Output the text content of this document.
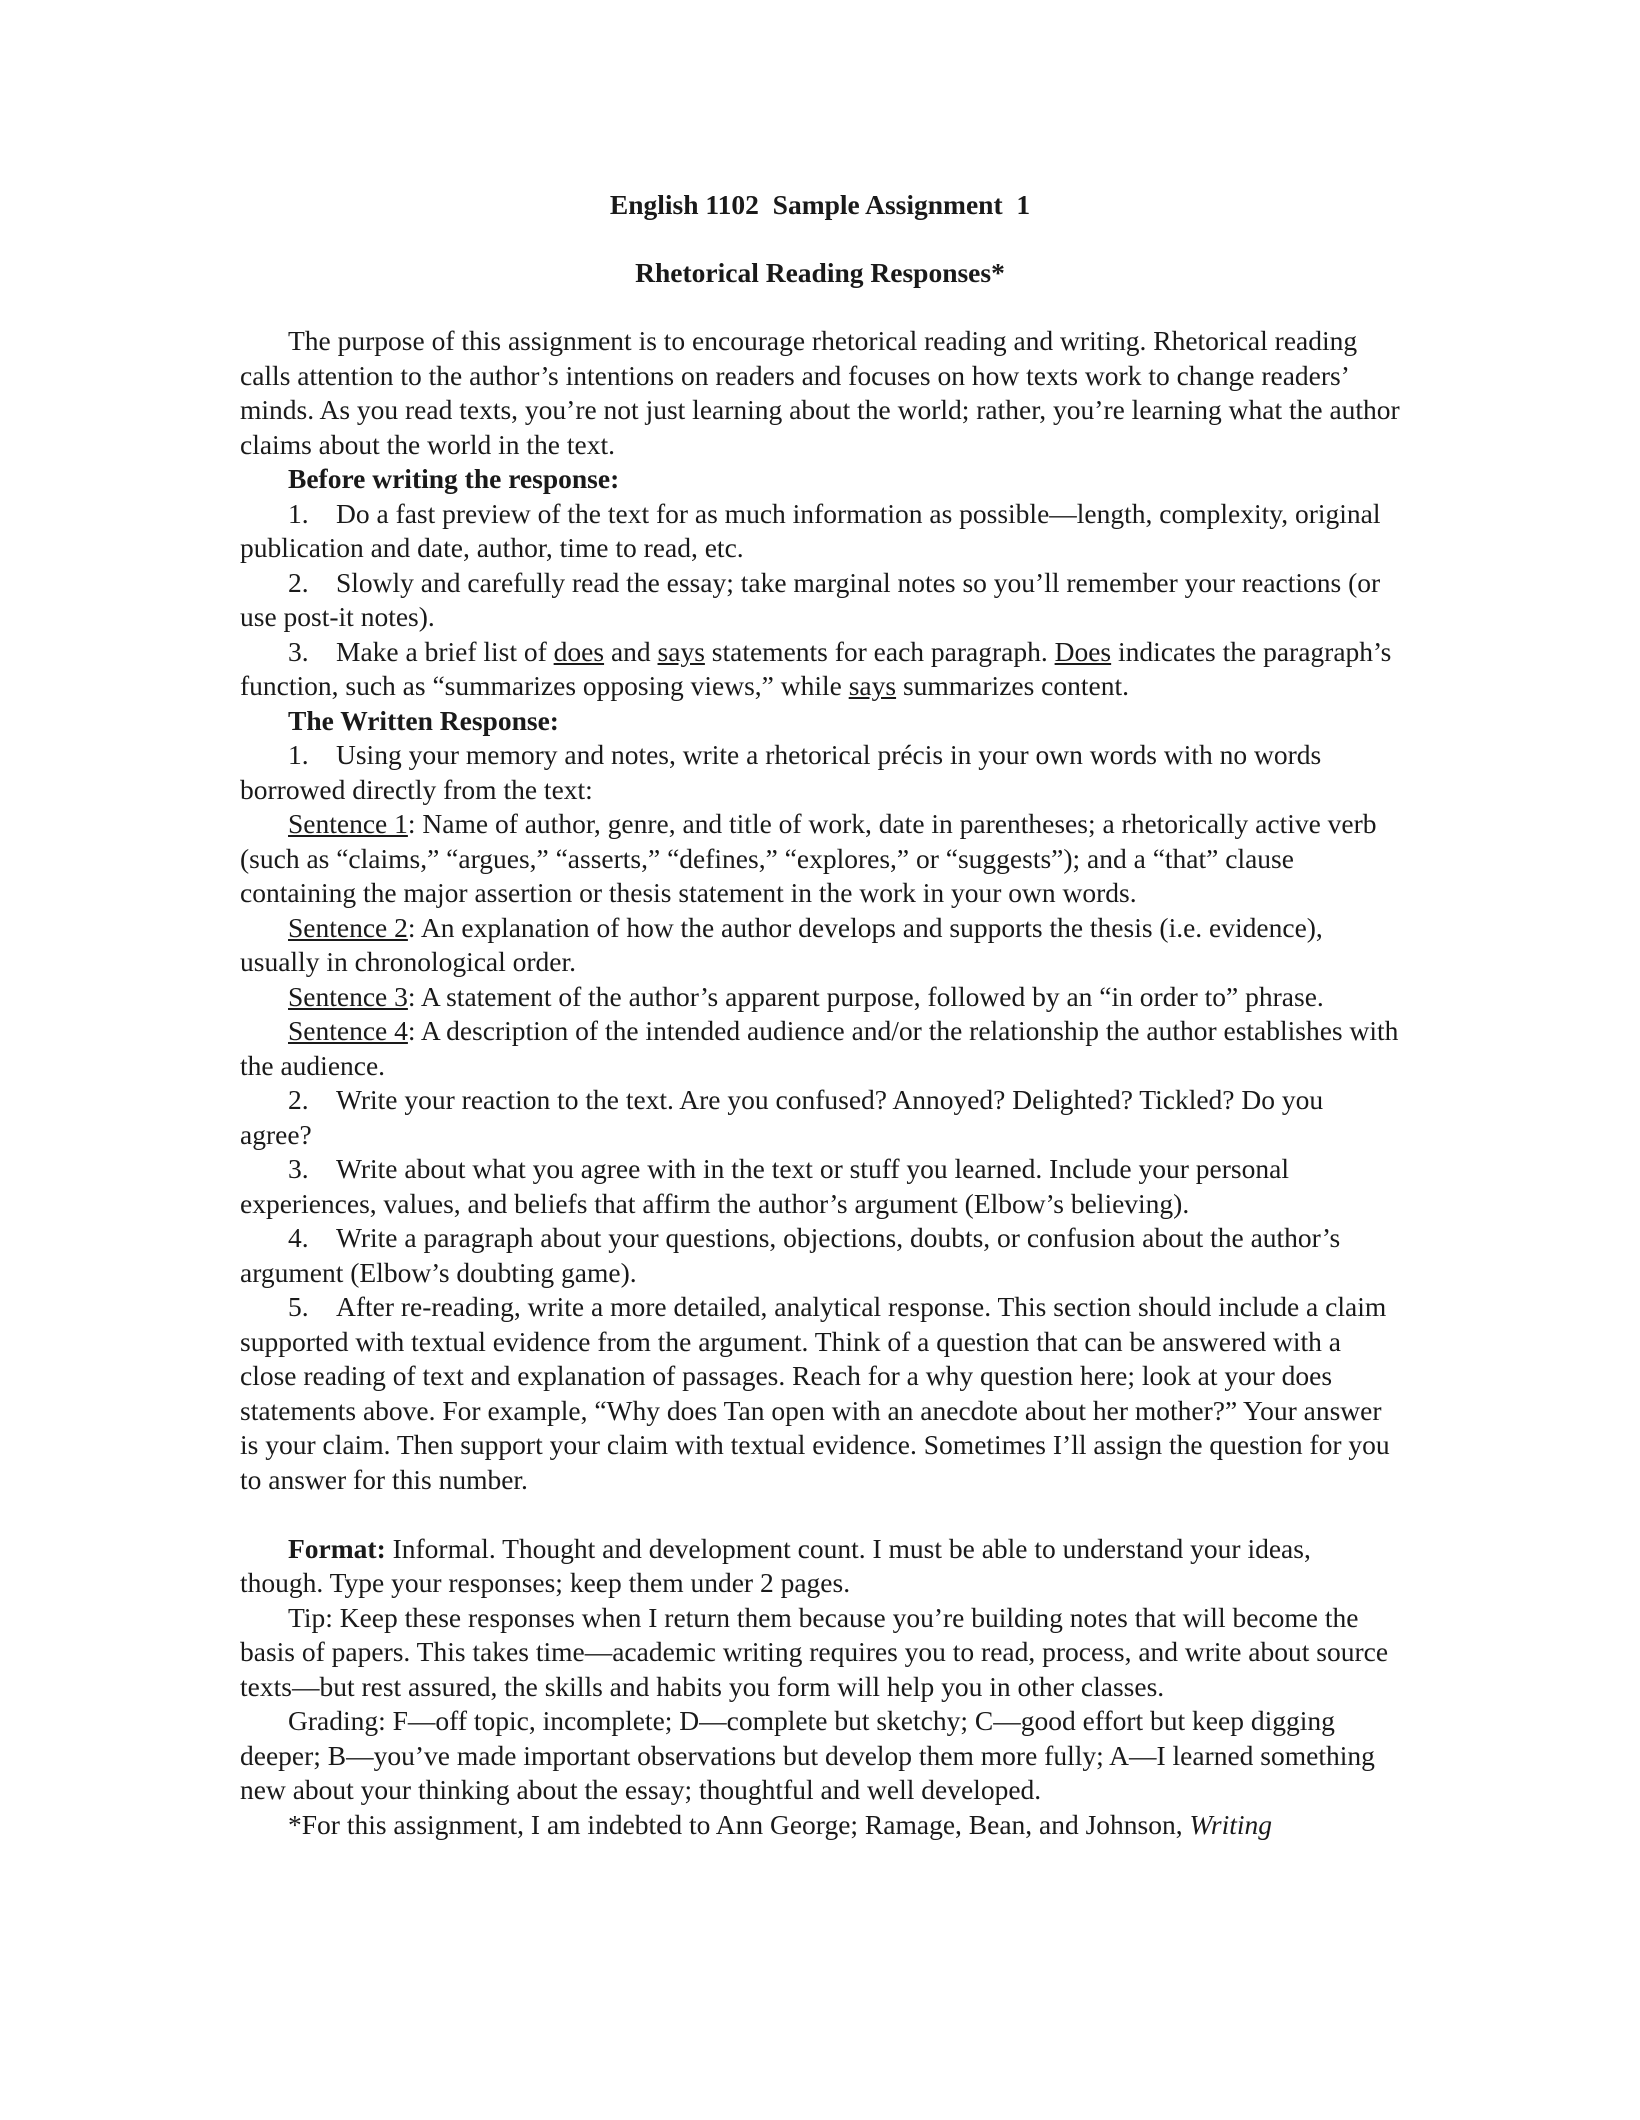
English 1102  Sample Assignment  1
Rhetorical Reading Responses*

The purpose of this assignment is to encourage rhetorical reading and writing. Rhetorical reading calls attention to the author’s intentions on readers and focuses on how texts work to change readers’ minds. As you read texts, you’re not just learning about the world; rather, you’re learning what the author claims about the world in the text.

Before writing the response:

1. Do a fast preview of the text for as much information as possible—length, complexity, original publication and date, author, time to read, etc.

2. Slowly and carefully read the essay; take marginal notes so you’ll remember your reactions (or use post-it notes).

3. Make a brief list of does and says statements for each paragraph. Does indicates the paragraph’s function, such as “summarizes opposing views,” while says summarizes content.

The Written Response:

1. Using your memory and notes, write a rhetorical précis in your own words with no words borrowed directly from the text:

Sentence 1: Name of author, genre, and title of work, date in parentheses; a rhetorically active verb (such as “claims,” “argues,” “asserts,” “defines,” “explores,” or “suggests”); and a “that” clause containing the major assertion or thesis statement in the work in your own words.

Sentence 2: An explanation of how the author develops and supports the thesis (i.e. evidence), usually in chronological order.

Sentence 3: A statement of the author’s apparent purpose, followed by an “in order to” phrase.

Sentence 4: A description of the intended audience and/or the relationship the author establishes with the audience.

2. Write your reaction to the text. Are you confused? Annoyed? Delighted? Tickled? Do you agree?

3. Write about what you agree with in the text or stuff you learned. Include your personal experiences, values, and beliefs that affirm the author’s argument (Elbow’s believing).

4. Write a paragraph about your questions, objections, doubts, or confusion about the author’s argument (Elbow’s doubting game).

5. After re-reading, write a more detailed, analytical response. This section should include a claim supported with textual evidence from the argument. Think of a question that can be answered with a close reading of text and explanation of passages. Reach for a why question here; look at your does statements above. For example, “Why does Tan open with an anecdote about her mother?” Your answer is your claim. Then support your claim with textual evidence. Sometimes I’ll assign the question for you to answer for this number.

Format: Informal. Thought and development count. I must be able to understand your ideas, though. Type your responses; keep them under 2 pages.

Tip: Keep these responses when I return them because you’re building notes that will become the basis of papers. This takes time—academic writing requires you to read, process, and write about source texts—but rest assured, the skills and habits you form will help you in other classes.

Grading: F—off topic, incomplete; D—complete but sketchy; C—good effort but keep digging deeper; B—you’ve made important observations but develop them more fully; A—I learned something new about your thinking about the essay; thoughtful and well developed.

*For this assignment, I am indebted to Ann George; Ramage, Bean, and Johnson, Writing
